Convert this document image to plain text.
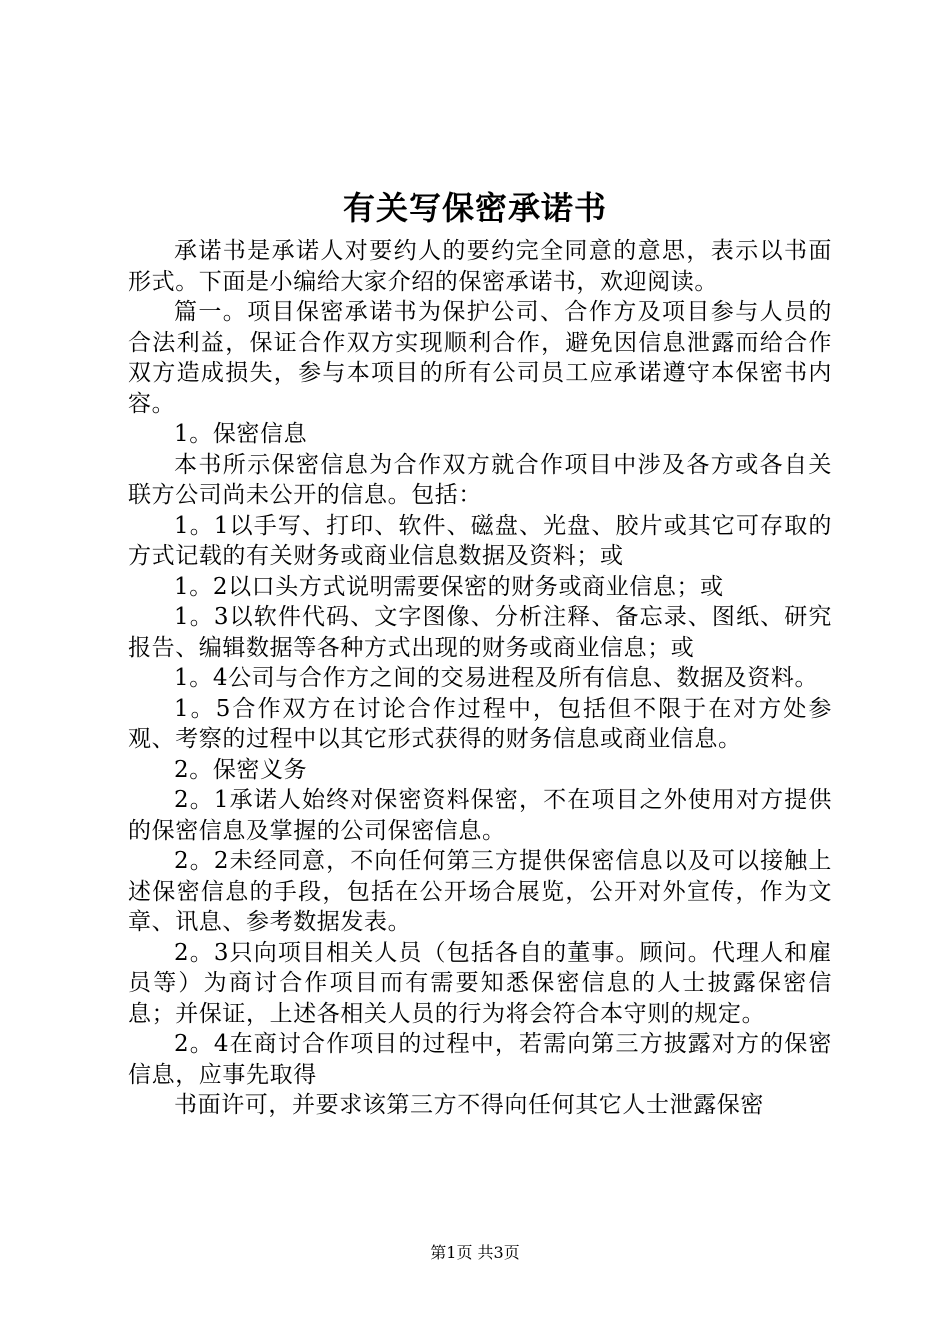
有关写保密承诺书

承诺书是承诺人对要约人的要约完全同意的意思，表示以书面形式。下面是小编给大家介绍的保密承诺书，欢迎阅读。

篇一。项目保密承诺书为保护公司、合作方及项目参与人员的合法利益，保证合作双方实现顺利合作，避免因信息泄露而给合作双方造成损失，参与本项目的所有公司员工应承诺遵守本保密书内容。

1。保密信息

本书所示保密信息为合作双方就合作项目中涉及各方或各自关联方公司尚未公开的信息。包括：

1。1以手写、打印、软件、磁盘、光盘、胶片或其它可存取的方式记载的有关财务或商业信息数据及资料；或

1。2以口头方式说明需要保密的财务或商业信息；或

1。3以软件代码、文字图像、分析注释、备忘录、图纸、研究报告、编辑数据等各种方式出现的财务或商业信息；或

1。4公司与合作方之间的交易进程及所有信息、数据及资料。

1。5合作双方在讨论合作过程中，包括但不限于在对方处参观、考察的过程中以其它形式获得的财务信息或商业信息。

2。保密义务

2。1承诺人始终对保密资料保密，不在项目之外使用对方提供的保密信息及掌握的公司保密信息。

2。2未经同意，不向任何第三方提供保密信息以及可以接触上述保密信息的手段，包括在公开场合展览，公开对外宣传，作为文章、讯息、参考数据发表。

2。3只向项目相关人员（包括各自的董事。顾问。代理人和雇员等）为商讨合作项目而有需要知悉保密信息的人士披露保密信息；并保证，上述各相关人员的行为将会符合本守则的规定。

2。4在商讨合作项目的过程中，若需向第三方披露对方的保密信息，应事先取得

书面许可，并要求该第三方不得向任何其它人士泄露保密

第1页 共3页
